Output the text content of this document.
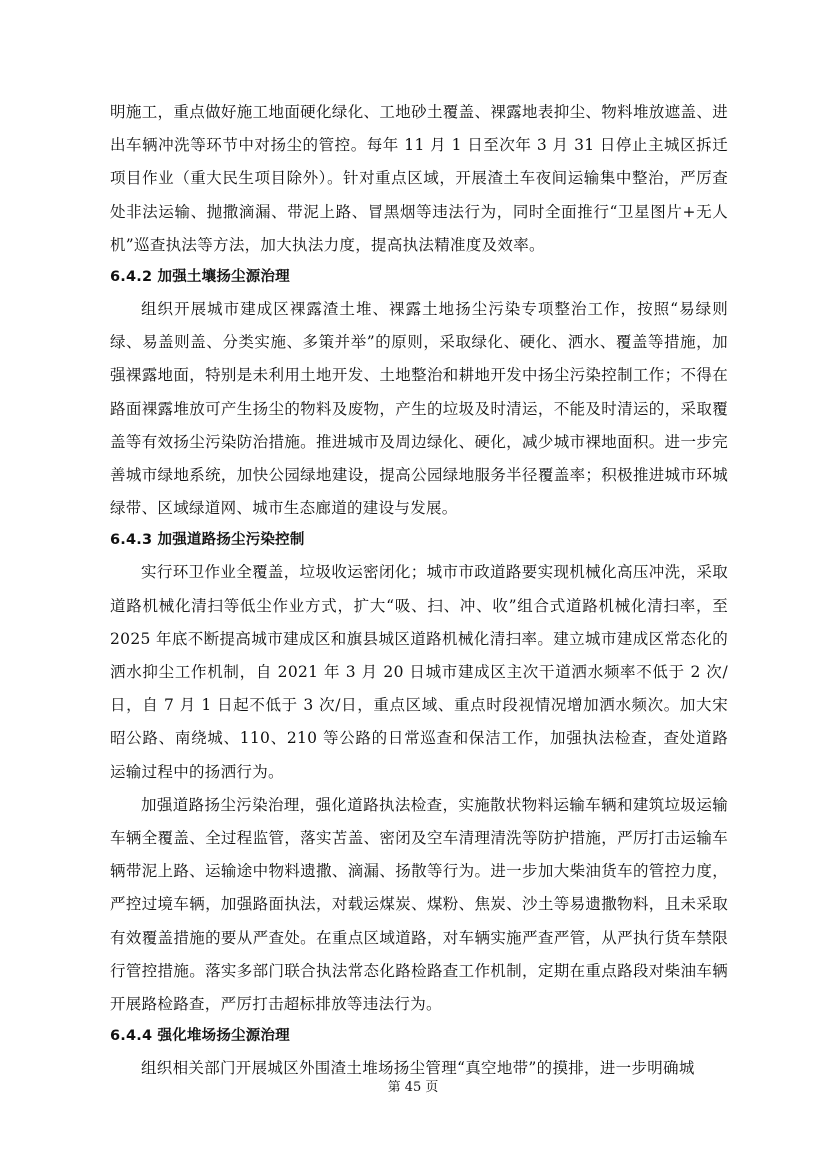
明施工，重点做好施工地面硬化绿化、工地砂土覆盖、裸露地表抑尘、物料堆放遮盖、进出车辆冲洗等环节中对扬尘的管控。每年 11 月 1 日至次年 3 月 31 日停止主城区拆迁项目作业（重大民生项目除外）。针对重点区域，开展渣土车夜间运输集中整治，严厉查处非法运输、抛撒滴漏、带泥上路、冒黑烟等违法行为，同时全面推行“卫星图片+无人机”巡查执法等方法，加大执法力度，提高执法精准度及效率。

6.4.2 加强土壤扬尘源治理

组织开展城市建成区裸露渣土堆、裸露土地扬尘污染专项整治工作，按照“易绿则绿、易盖则盖、分类实施、多策并举”的原则，采取绿化、硬化、洒水、覆盖等措施，加强裸露地面，特别是未利用土地开发、土地整治和耕地开发中扬尘污染控制工作；不得在路面裸露堆放可产生扬尘的物料及废物，产生的垃圾及时清运，不能及时清运的，采取覆盖等有效扬尘污染防治措施。推进城市及周边绿化、硬化，减少城市裸地面积。进一步完善城市绿地系统，加快公园绿地建设，提高公园绿地服务半径覆盖率；积极推进城市环城绿带、区域绿道网、城市生态廊道的建设与发展。

6.4.3 加强道路扬尘污染控制

实行环卫作业全覆盖，垃圾收运密闭化；城市市政道路要实现机械化高压冲洗，采取道路机械化清扫等低尘作业方式，扩大“吸、扫、冲、收”组合式道路机械化清扫率，至 2025 年底不断提高城市建成区和旗县城区道路机械化清扫率。建立城市建成区常态化的洒水抑尘工作机制，自 2021 年 3 月 20 日城市建成区主次干道洒水频率不低于 2 次/日，自 7 月 1 日起不低于 3 次/日，重点区域、重点时段视情况增加洒水频次。加大宋昭公路、南绕城、110、210 等公路的日常巡查和保洁工作，加强执法检查，查处道路运输过程中的扬洒行为。

加强道路扬尘污染治理，强化道路执法检查，实施散状物料运输车辆和建筑垃圾运输车辆全覆盖、全过程监管，落实苫盖、密闭及空车清理清洗等防护措施，严厉打击运输车辆带泥上路、运输途中物料遗撒、滴漏、扬散等行为。进一步加大柴油货车的管控力度，严控过境车辆，加强路面执法，对载运煤炭、煤粉、焦炭、沙土等易遗撒物料，且未采取有效覆盖措施的要从严查处。在重点区域道路，对车辆实施严查严管，从严执行货车禁限行管控措施。落实多部门联合执法常态化路检路查工作机制，定期在重点路段对柴油车辆开展路检路查，严厉打击超标排放等违法行为。

6.4.4 强化堆场扬尘源治理

组织相关部门开展城区外围渣土堆场扬尘管理“真空地带”的摸排，进一步明确城

第 45 页
